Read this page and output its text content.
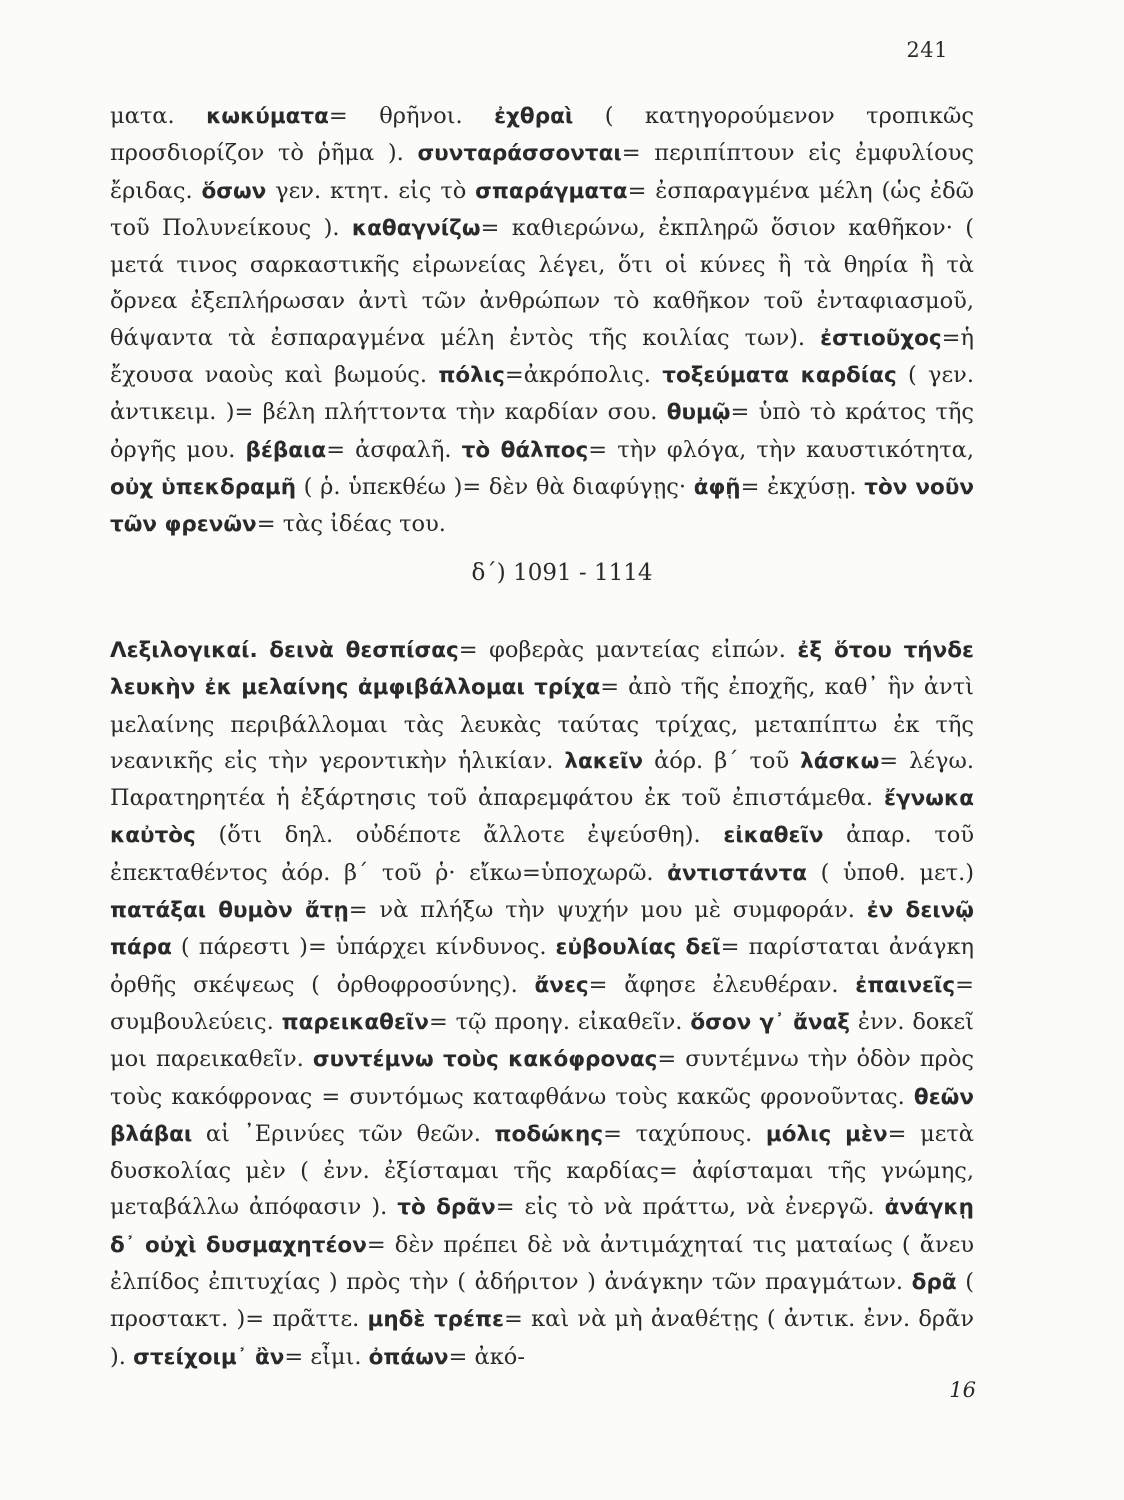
241
ματα. κωκύματα= θρῆνοι. ἐχθραὶ ( κατηγορούμενον τροπικῶς προσδιορίζον τὸ ῥῆμα ). συνταράσσονται= περιπίπτουν εἰς ἐμφυλίους ἔριδας. ὅσων γεν. κτητ. εἰς τὸ σπαράγματα= ἐσπαραγμένα μέλη (ὡς ἐδῶ τοῦ Πολυνείκους ). καθαγνίζω= καθιερώνω, ἐκπληρῶ ὅσιον καθῆκον· ( μετά τινος σαρκαστικῆς εἰρωνείας λέγει, ὅτι οἱ κύνες ἢ τὰ θηρία ἢ τὰ ὄρνεα ἐξεπλήρωσαν ἀντὶ τῶν ἀνθρώπων τὸ καθῆκον τοῦ ἐνταφιασμοῦ, θάψαντα τὰ ἐσπαραγμένα μέλη ἐντὸς τῆς κοιλίας των). ἐστιοῦχος=ἡ ἔχουσα ναοὺς καὶ βωμούς. πόλις=ἀκρόπολις. τοξεύματα καρδίας ( γεν. ἀντικειμ. )= βέλη πλήττοντα τὴν καρδίαν σου. θυμῷ= ὑπὸ τὸ κράτος τῆς ὀργῆς μου. βέβαια= ἀσφαλῆ. τὸ θάλπος= τὴν φλόγα, τὴν καυστικότητα, οὐχ ὑπεκδραμῆ ( ῥ. ὑπεκθέω )= δὲν θὰ διαφύγῃς· ἀφῇ= ἐκχύσῃ. τὸν νοῦν τῶν φρενῶν= τὰς ἰδέας του.
δ΄) 1091 - 1114
Λεξιλογικαί. δεινὰ θεσπίσας= φοβερὰς μαντείας εἰπών. ἐξ ὅτου τήνδε λευκὴν ἐκ μελαίνης ἀμφιβάλλομαι τρίχα= ἀπὸ τῆς ἐποχῆς, καθ᾽ ἣν ἀντὶ μελαίνης περιβάλλομαι τὰς λευκὰς ταύτας τρίχας, μεταπίπτω ἐκ τῆς νεανικῆς εἰς τὴν γεροντικὴν ἡλικίαν. λακεῖν ἀόρ. β΄ τοῦ λάσκω= λέγω. Παρατηρητέα ἡ ἐξάρτησις τοῦ ἀπαρεμφάτου ἐκ τοῦ ἐπιστάμεθα. ἔγνωκα καὐτὸς (ὅτι δηλ. οὐδέποτε ἄλλοτε ἐψεύσθη). εἰκαθεῖν ἀπαρ. τοῦ ἐπεκταθέντος ἀόρ. β΄ τοῦ ῥ· εἴκω=ὑποχωρῶ. ἀντιστάντα ( ὑποθ. μετ.) πατάξαι θυμὸν ἄτῃ= νὰ πλήξω τὴν ψυχήν μου μὲ συμφοράν. ἐν δεινῷ πάρα ( πάρεστι )= ὑπάρχει κίνδυνος. εὐβουλίας δεῖ= παρίσταται ἀνάγκη ὀρθῆς σκέψεως ( ὀρθοφροσύνης). ἄνες= ἄφησε ἐλευθέραν. ἐπαινεῖς= συμβουλεύεις. παρεικαθεῖν= τῷ προηγ. εἰκαθεῖν. ὅσον γ᾽ ἄναξ ἐνν. δοκεῖ μοι παρεικαθεῖν. συντέμνω τοὺς κακόφρονας= συντέμνω τὴν ὁδὸν πρὸς τοὺς κακόφρονας = συντόμως καταφθάνω τοὺς κακῶς φρονοῦντας. θεῶν βλάβαι αἱ ᾽Ερινύες τῶν θεῶν. ποδώκης= ταχύπους. μόλις μὲν= μετὰ δυσκολίας μὲν ( ἐνν. ἐξίσταμαι τῆς καρδίας= ἀφίσταμαι τῆς γνώμης, μεταβάλλω ἀπόφασιν ). τὸ δρᾶν= εἰς τὸ νὰ πράττω, νὰ ἐνεργῶ. ἀνάγκῃ δ᾽ οὐχὶ δυσμαχητέον= δὲν πρέπει δὲ νὰ ἀντιμάχηταί τις ματαίως ( ἄνευ ἐλπίδος ἐπιτυχίας ) πρὸς τὴν ( ἀδήριτον ) ἀνάγκην τῶν πραγμάτων. δρᾶ ( προστακτ. )= πρᾶττε. μηδὲ τρέπε= καὶ νὰ μὴ ἀναθέτῃς ( ἀντικ. ἐνν. δρᾶν ). στείχοιμ᾽ ἂν= εἶμι. ὀπάων= ἀκό-
16
